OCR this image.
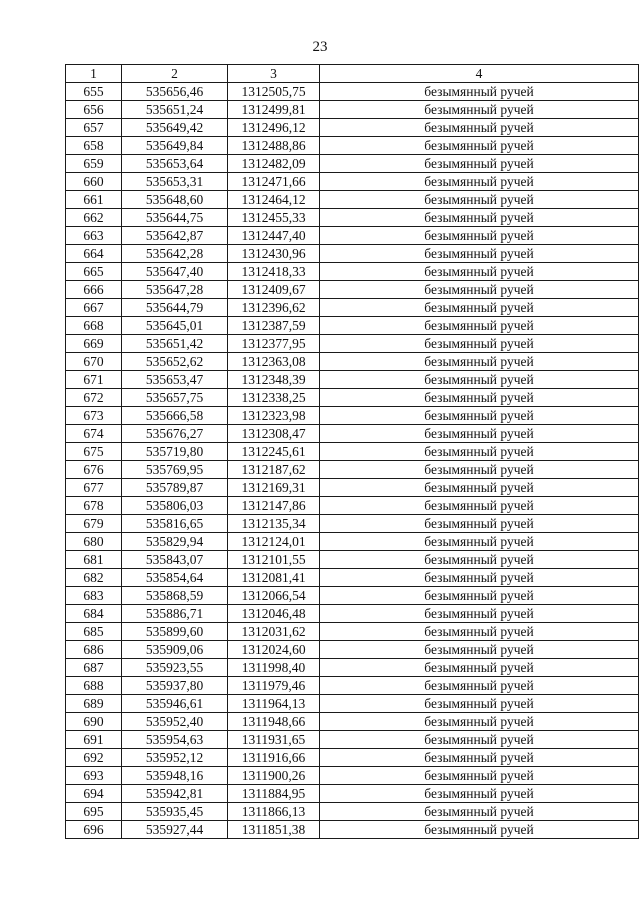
23
1	2	3	4
655	535656,46	1312505,75	безымянный ручей
656	535651,24	1312499,81	безымянный ручей
657	535649,42	1312496,12	безымянный ручей
658	535649,84	1312488,86	безымянный ручей
659	535653,64	1312482,09	безымянный ручей
660	535653,31	1312471,66	безымянный ручей
661	535648,60	1312464,12	безымянный ручей
662	535644,75	1312455,33	безымянный ручей
663	535642,87	1312447,40	безымянный ручей
664	535642,28	1312430,96	безымянный ручей
665	535647,40	1312418,33	безымянный ручей
666	535647,28	1312409,67	безымянный ручей
667	535644,79	1312396,62	безымянный ручей
668	535645,01	1312387,59	безымянный ручей
669	535651,42	1312377,95	безымянный ручей
670	535652,62	1312363,08	безымянный ручей
671	535653,47	1312348,39	безымянный ручей
672	535657,75	1312338,25	безымянный ручей
673	535666,58	1312323,98	безымянный ручей
674	535676,27	1312308,47	безымянный ручей
675	535719,80	1312245,61	безымянный ручей
676	535769,95	1312187,62	безымянный ручей
677	535789,87	1312169,31	безымянный ручей
678	535806,03	1312147,86	безымянный ручей
679	535816,65	1312135,34	безымянный ручей
680	535829,94	1312124,01	безымянный ручей
681	535843,07	1312101,55	безымянный ручей
682	535854,64	1312081,41	безымянный ручей
683	535868,59	1312066,54	безымянный ручей
684	535886,71	1312046,48	безымянный ручей
685	535899,60	1312031,62	безымянный ручей
686	535909,06	1312024,60	безымянный ручей
687	535923,55	1311998,40	безымянный ручей
688	535937,80	1311979,46	безымянный ручей
689	535946,61	1311964,13	безымянный ручей
690	535952,40	1311948,66	безымянный ручей
691	535954,63	1311931,65	безымянный ручей
692	535952,12	1311916,66	безымянный ручей
693	535948,16	1311900,26	безымянный ручей
694	535942,81	1311884,95	безымянный ручей
695	535935,45	1311866,13	безымянный ручей
696	535927,44	1311851,38	безымянный ручей
